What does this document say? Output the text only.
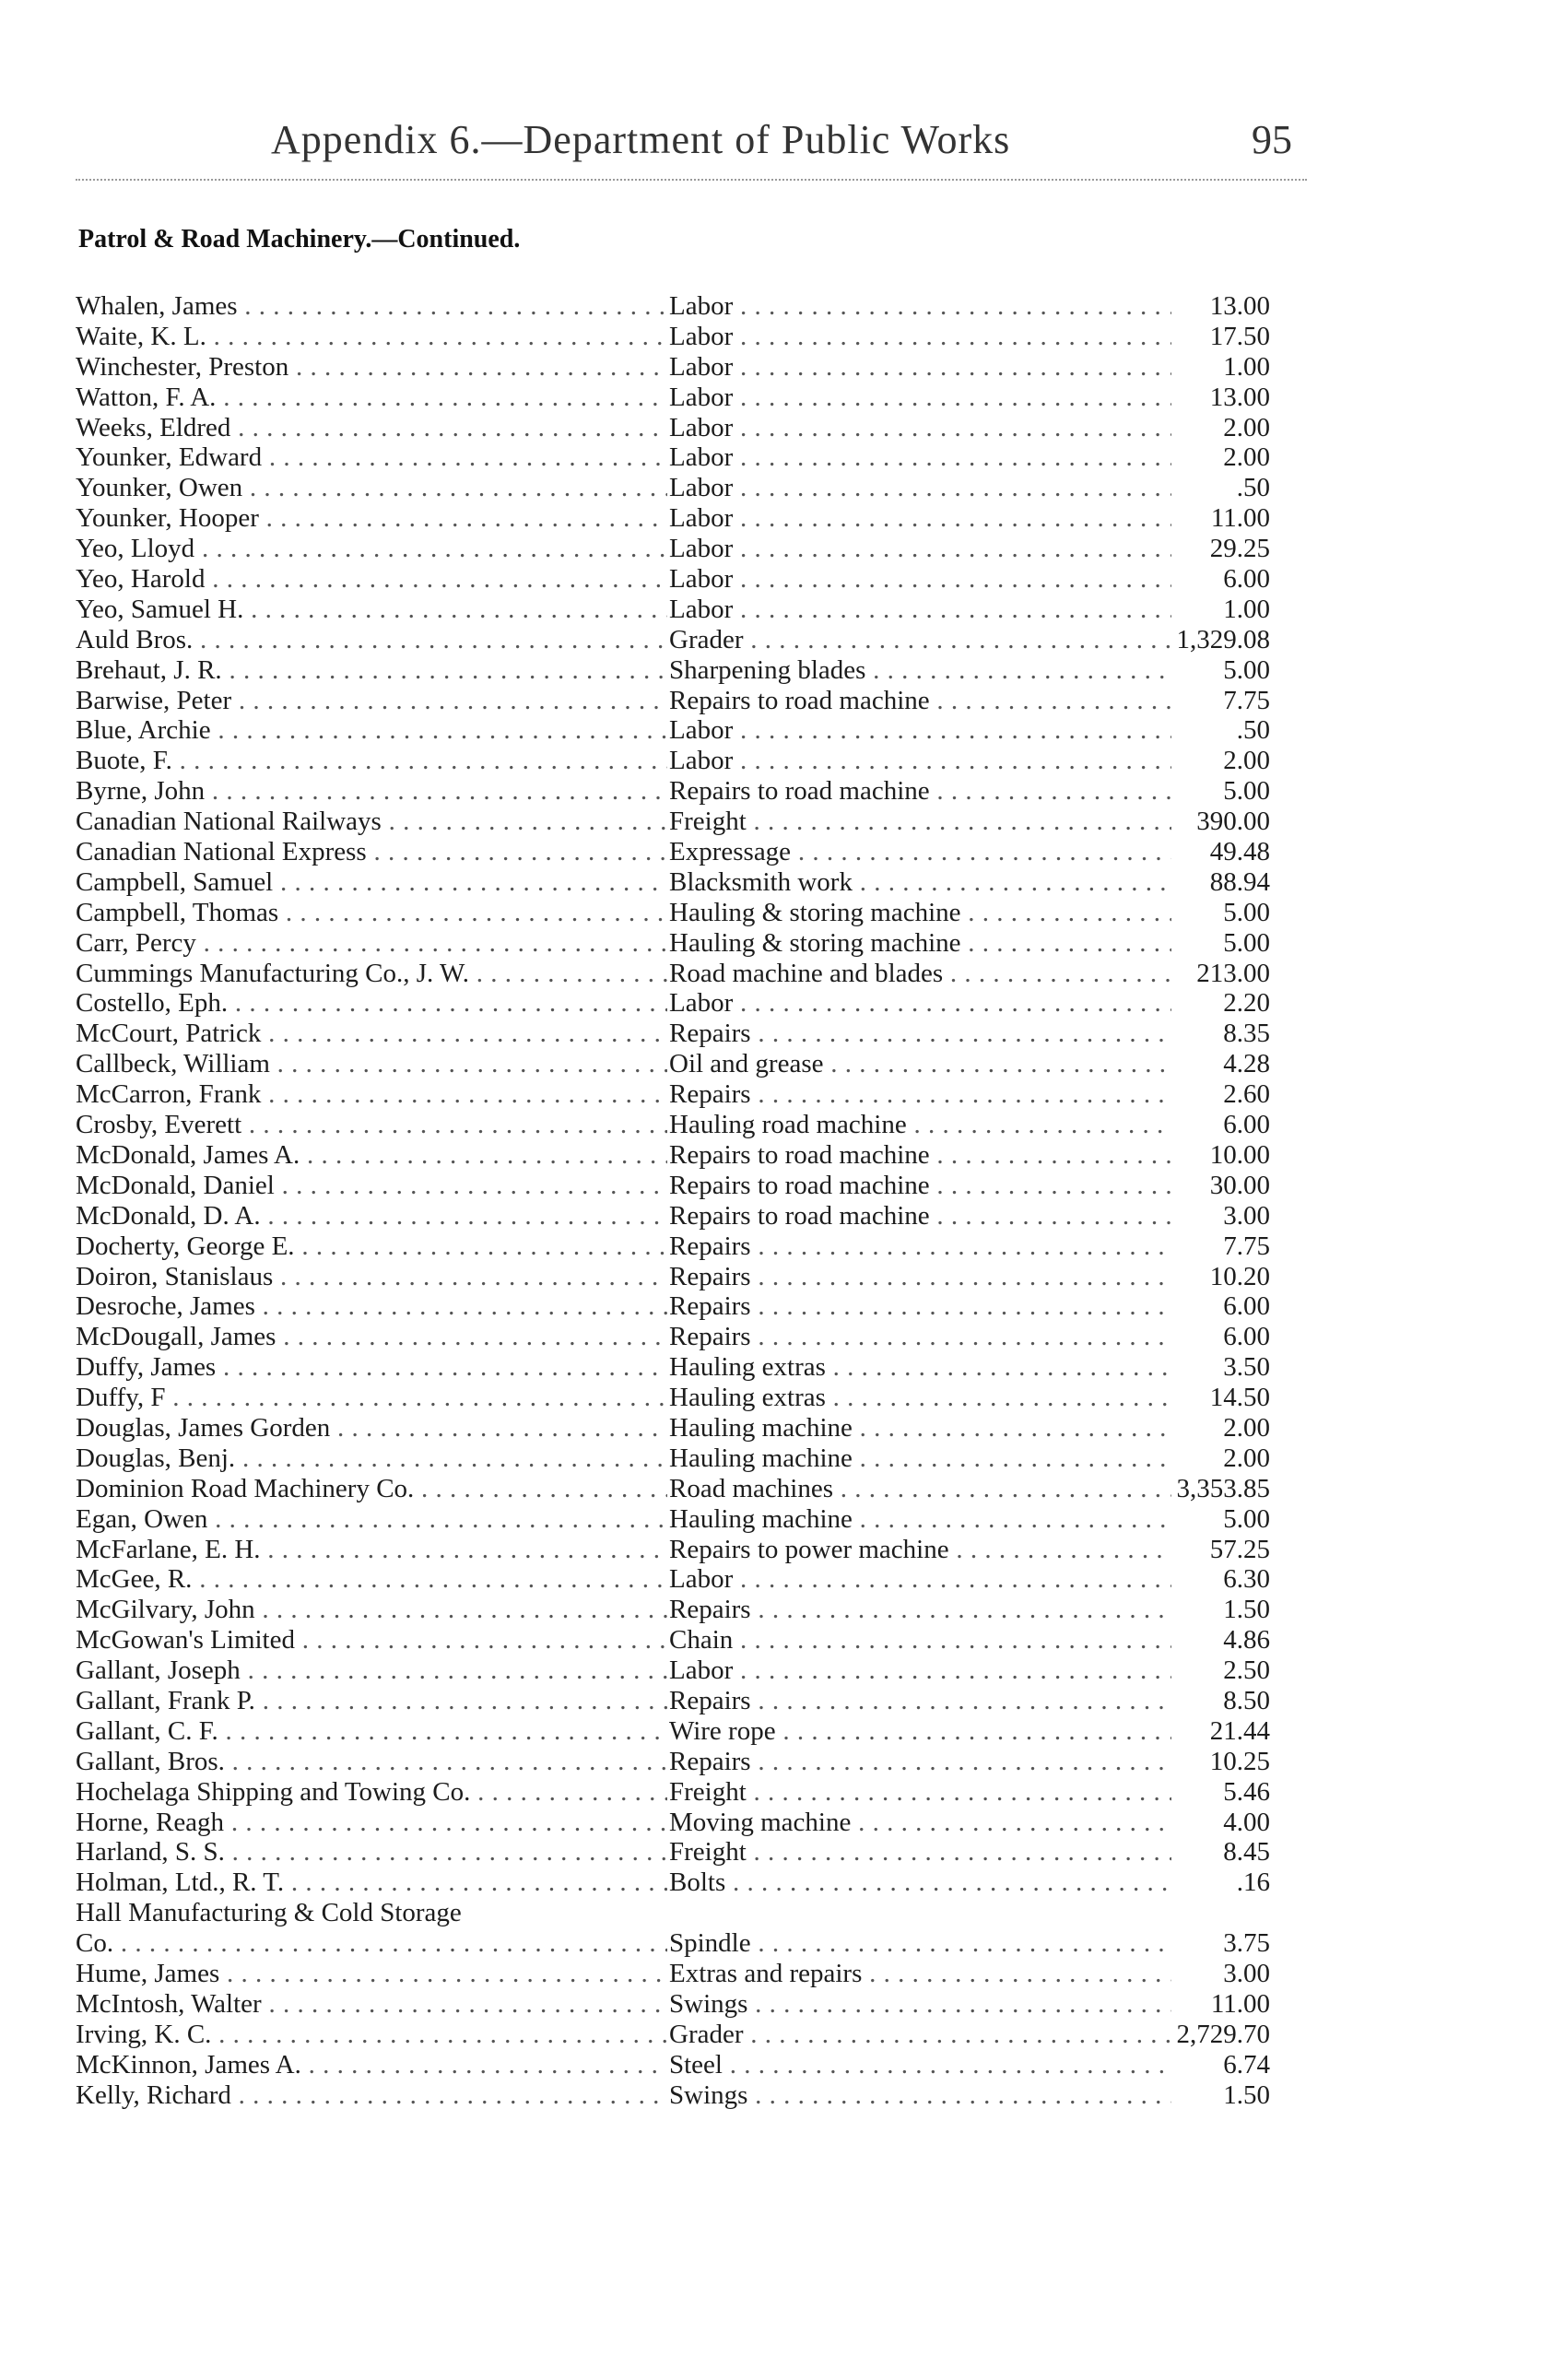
Appendix 6.—Department of Public Works	95
Patrol & Road Machinery.—Continued.
Whalen, James . . .	Labor . . .	13.00
Waite, K. L. . . .	Labor . . .	17.50
Winchester, Preston . . .	Labor . . .	1.00
Watton, F. A. . . .	Labor . . .	13.00
Weeks, Eldred . . .	Labor . . .	2.00
Younker, Edward . . .	Labor . . .	2.00
Younker, Owen . . .	Labor . . .	.50
Younker, Hooper . . .	Labor . . .	11.00
Yeo, Lloyd . . .	Labor . . .	29.25
Yeo, Harold . . .	Labor . . .	6.00
Yeo, Samuel H. . . .	Labor . . .	1.00
Auld Bros. . . .	Grader . . .	1,329.08
Brehaut, J. R. . . .	Sharpening blades . . .	5.00
Barwise, Peter . . .	Repairs to road machine . . .	7.75
Blue, Archie . . .	Labor . . .	.50
Buote, F. . . .	Labor . . .	2.00
Byrne, John . . .	Repairs to road machine . . .	5.00
Canadian National Railways . . .	Freight . . .	390.00
Canadian National Express . . .	Expressage . . .	49.48
Campbell, Samuel . . .	Blacksmith work . . .	88.94
Campbell, Thomas . . .	Hauling & storing machine . . .	5.00
Carr, Percy . . .	Hauling & storing machine . . .	5.00
Cummings Manufacturing Co., J. W. . . .	Road machine and blades . . .	213.00
Costello, Eph. . . .	Labor . . .	2.20
McCourt, Patrick . . .	Repairs . . .	8.35
Callbeck, William . . .	Oil and grease . . .	4.28
McCarron, Frank . . .	Repairs . . .	2.60
Crosby, Everett . . .	Hauling road machine . . .	6.00
McDonald, James A. . . .	Repairs to road machine . . .	10.00
McDonald, Daniel . . .	Repairs to road machine . . .	30.00
McDonald, D. A. . . .	Repairs to road machine . . .	3.00
Docherty, George E. . . .	Repairs . . .	7.75
Doiron, Stanislaus . . .	Repairs . . .	10.20
Desroche, James . . .	Repairs . . .	6.00
McDougall, James . . .	Repairs . . .	6.00
Duffy, James . . .	Hauling extras . . .	3.50
Duffy, F . . .	Hauling extras . . .	14.50
Douglas, James Gorden . . .	Hauling machine . . .	2.00
Douglas, Benj. . . .	Hauling machine . . .	2.00
Dominion Road Machinery Co. . . .	Road machines . . .	3,353.85
Egan, Owen . . .	Hauling machine . . .	5.00
McFarlane, E. H. . . .	Repairs to power machine . . .	57.25
McGee, R. . . .	Labor . . .	6.30
McGilvary, John . . .	Repairs . . .	1.50
McGowan's Limited . . .	Chain . . .	4.86
Gallant, Joseph . . .	Labor . . .	2.50
Gallant, Frank P. . . .	Repairs . . .	8.50
Gallant, C. F. . . .	Wire rope . . .	21.44
Gallant, Bros. . . .	Repairs . . .	10.25
Hochelaga Shipping and Towing Co. . . .	Freight . . .	5.46
Horne, Reagh . . .	Moving machine . . .	4.00
Harland, S. S. . . .	Freight . . .	8.45
Holman, Ltd., R. T. . . .	Bolts . . .	.16
Hall Manufacturing & Cold Storage
Co. . . .	Spindle . . .	3.75
Hume, James . . .	Extras and repairs . . .	3.00
McIntosh, Walter . . .	Swings . . .	11.00
Irving, K. C. . . .	Grader . . .	2,729.70
McKinnon, James A. . . .	Steel . . .	6.74
Kelly, Richard . . .	Swings . . .	1.50
